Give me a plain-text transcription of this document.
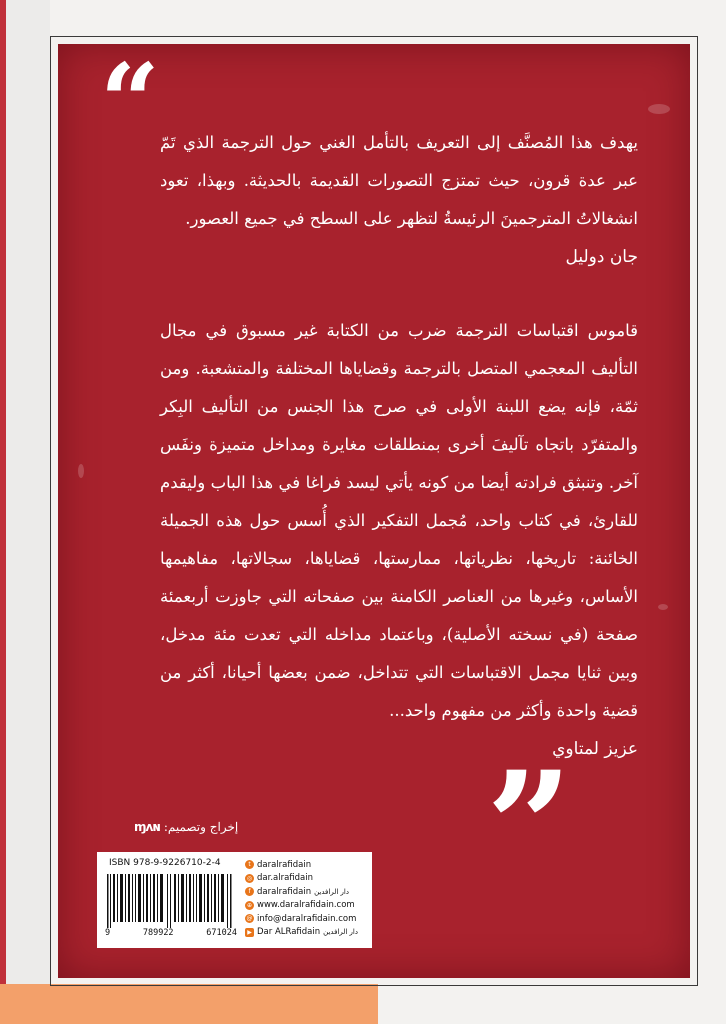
“ يهدف هذا المُصنَّف إلى التعريف بالتأمل الغني حول الترجمة الذي تَمّ عبر عدة قرون، حيث تمتزج التصورات القديمة بالحديثة. وبهذا، تعود انشغالاتُ المترجمينَ الرئيسةُ لتظهر على السطح في جميع العصور.
جان دوليل
قاموس اقتباسات الترجمة ضرب من الكتابة غير مسبوق في مجال التأليف المعجمي المتصل بالترجمة وقضاياها المختلفة والمتشعبة. ومن ثمّة، فإنه يضع اللبنة الأولى في صرح هذا الجنس من التأليف البِكر والمتفرّد باتجاه تآليفَ أخرى بمنطلقات مغايرة ومداخل متميزة ونفَس آخر. وتنبثق فرادته أيضا من كونه يأتي ليسد فراغا في هذا الباب وليقدم للقارئ، في كتاب واحد، مُجمل التفكير الذي أُسس حول هذه الجميلة الخائنة: تاريخها، نظرياتها، ممارستها، قضاياها، سجالاتها، مفاهيمها الأساس، وغيرها من العناصر الكامنة بين صفحاته التي جاوزت أربعمئة صفحة (في نسخته الأصلية)، وباعتماد مداخله التي تعدت مئة مدخل، وبين ثنايا مجمل الاقتباسات التي تتداخل، ضمن بعضها أحيانا، أكثر من قضية واحدة وأكثر من مفهوم واحد...
عزيز لمتاوي
”
إخراج وتصميم:
ɱʌɴ
ISBN 978-9-9226710-2-4
9	789922	671024
t daralrafidain
◎ dar.alrafidain
f daralrafidain دار الرافدين
⊕ www.daralrafidain.com
@ info@daralrafidain.com
▶ Dar ALRafidain دار الرافدين
